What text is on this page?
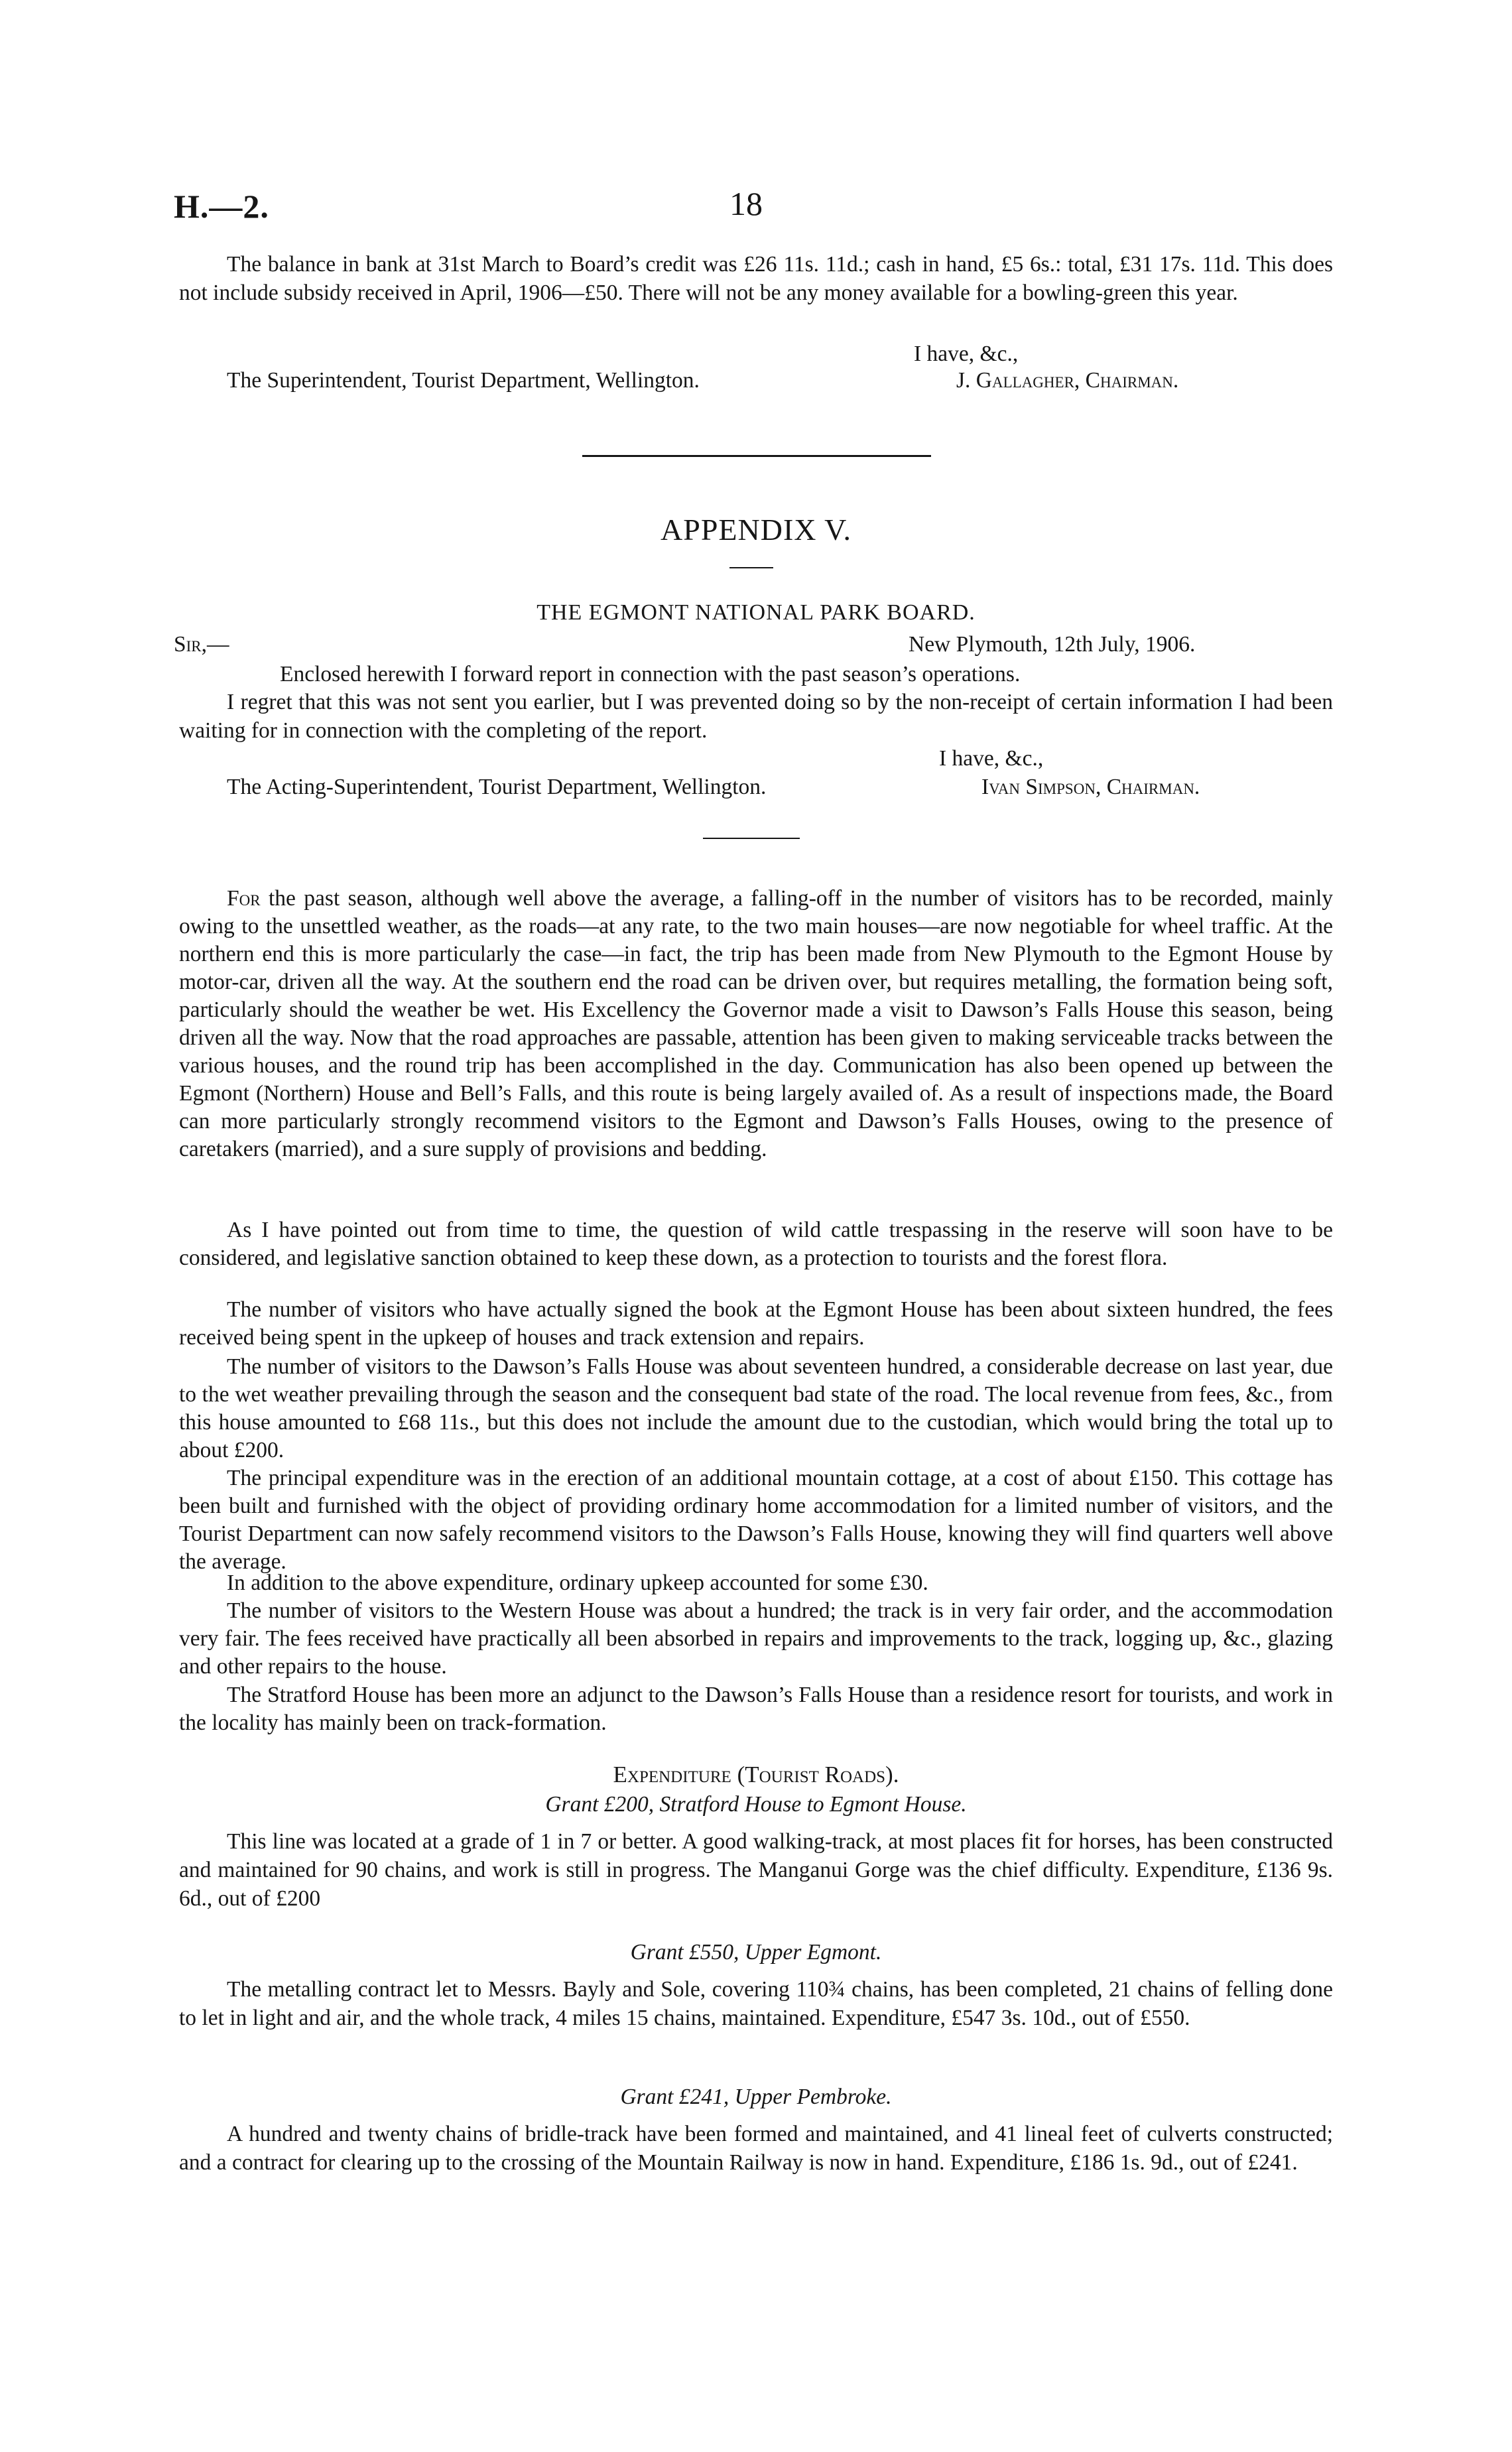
H.—2.	18

The balance in bank at 31st March to Board’s credit was £26 11s. 11d.; cash in hand, £5 6s.: total, £31 17s. 11d. This does not include subsidy received in April, 1906—£50. There will not be any money available for a bowling-green this year.

I have, &c.,
The Superintendent, Tourist Department, Wellington.	J. Gallagher, Chairman.
APPENDIX V.
THE EGMONT NATIONAL PARK BOARD.
Sir,—	New Plymouth, 12th July, 1906.

Enclosed herewith I forward report in connection with the past season’s operations.

I regret that this was not sent you earlier, but I was prevented doing so by the non-receipt of certain information I had been waiting for in connection with the completing of the report.

I have, &c.,
The Acting-Superintendent, Tourist Department, Wellington.	Ivan Simpson, Chairman.

For the past season, although well above the average, a falling-off in the number of visitors has to be recorded, mainly owing to the unsettled weather, as the roads—at any rate, to the two main houses—are now negotiable for wheel traffic. At the northern end this is more particularly the case—in fact, the trip has been made from New Plymouth to the Egmont House by motor-car, driven all the way. At the southern end the road can be driven over, but requires metalling, the formation being soft, particularly should the weather be wet. His Excellency the Governor made a visit to Dawson’s Falls House this season, being driven all the way. Now that the road approaches are passable, attention has been given to making serviceable tracks between the various houses, and the round trip has been accomplished in the day. Communication has also been opened up between the Egmont (Northern) House and Bell’s Falls, and this route is being largely availed of. As a result of inspections made, the Board can more particularly strongly recommend visitors to the Egmont and Dawson’s Falls Houses, owing to the presence of caretakers (married), and a sure supply of provisions and bedding.

As I have pointed out from time to time, the question of wild cattle trespassing in the reserve will soon have to be considered, and legislative sanction obtained to keep these down, as a protection to tourists and the forest flora.

The number of visitors who have actually signed the book at the Egmont House has been about sixteen hundred, the fees received being spent in the upkeep of houses and track extension and repairs.

The number of visitors to the Dawson’s Falls House was about seventeen hundred, a considerable decrease on last year, due to the wet weather prevailing through the season and the consequent bad state of the road. The local revenue from fees, &c., from this house amounted to £68 11s., but this does not include the amount due to the custodian, which would bring the total up to about £200.

The principal expenditure was in the erection of an additional mountain cottage, at a cost of about £150. This cottage has been built and furnished with the object of providing ordinary home accommodation for a limited number of visitors, and the Tourist Department can now safely recommend visitors to the Dawson’s Falls House, knowing they will find quarters well above the average.

In addition to the above expenditure, ordinary upkeep accounted for some £30.

The number of visitors to the Western House was about a hundred; the track is in very fair order, and the accommodation very fair. The fees received have practically all been absorbed in repairs and improvements to the track, logging up, &c., glazing and other repairs to the house.

The Stratford House has been more an adjunct to the Dawson’s Falls House than a residence resort for tourists, and work in the locality has mainly been on track-formation.

Expenditure (Tourist Roads).
Grant £200, Stratford House to Egmont House.

This line was located at a grade of 1 in 7 or better. A good walking-track, at most places fit for horses, has been constructed and maintained for 90 chains, and work is still in progress. The Manganui Gorge was the chief difficulty. Expenditure, £136 9s. 6d., out of £200

Grant £550, Upper Egmont.

The metalling contract let to Messrs. Bayly and Sole, covering 110¾ chains, has been completed, 21 chains of felling done to let in light and air, and the whole track, 4 miles 15 chains, maintained. Expenditure, £547 3s. 10d., out of £550.

Grant £241, Upper Pembroke.

A hundred and twenty chains of bridle-track have been formed and maintained, and 41 lineal feet of culverts constructed; and a contract for clearing up to the crossing of the Mountain Railway is now in hand. Expenditure, £186 1s. 9d., out of £241.
